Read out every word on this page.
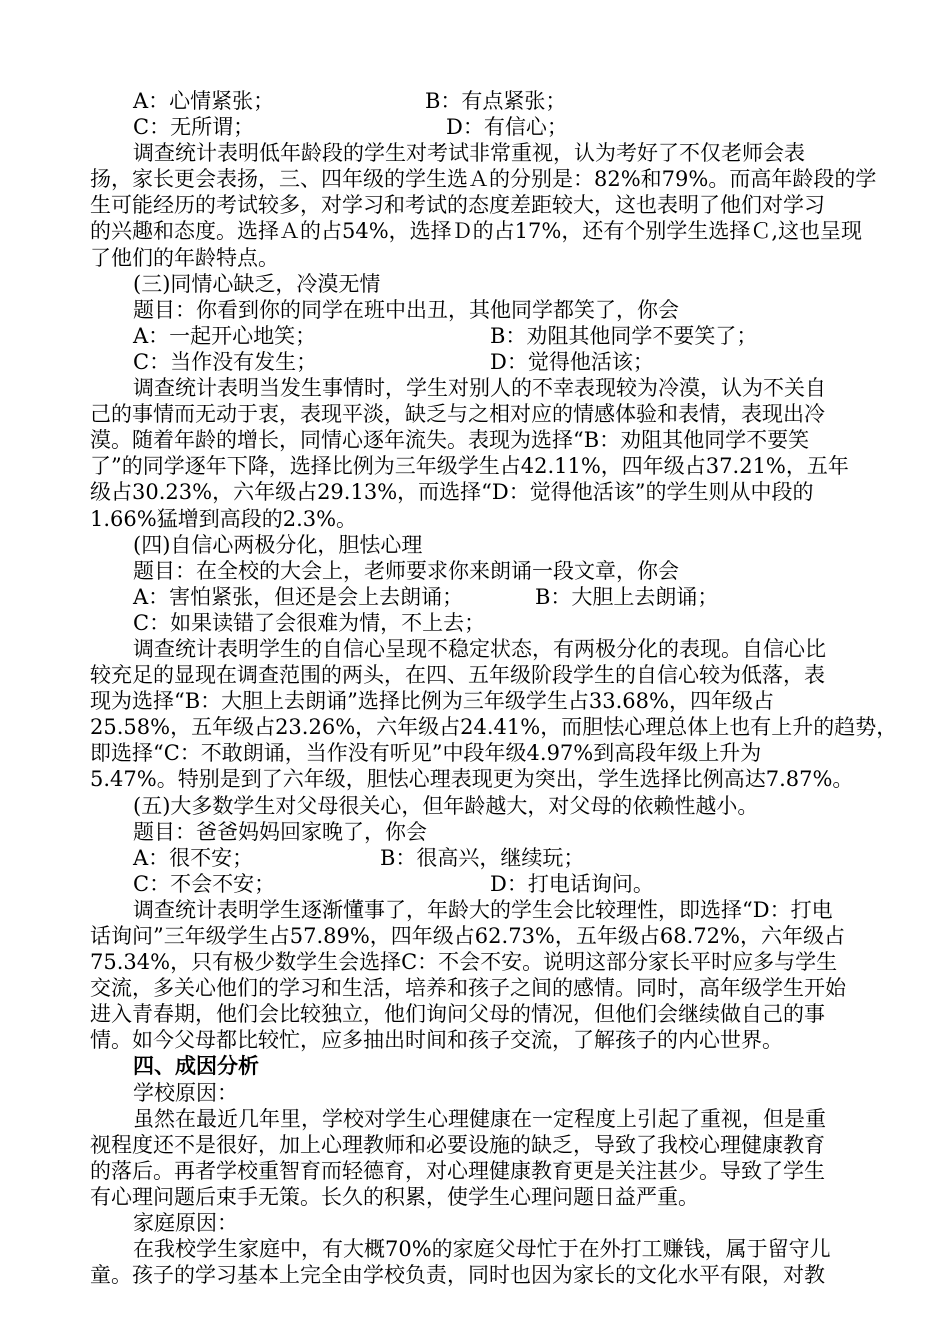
A：心情紧张；	B：有点紧张；
C：无所谓；	D：有信心；
调查统计表明低年龄段的学生对考试非常重视，认为考好了不仅老师会表
扬，家长更会表扬，三、四年级的学生选Ａ的分别是：82%和79%。而高年龄段的学
生可能经历的考试较多，对学习和考试的态度差距较大，这也表明了他们对学习
的兴趣和态度。选择Ａ的占54%，选择Ｄ的占17%，还有个别学生选择Ｃ,这也呈现
了他们的年龄特点。
(三)同情心缺乏，冷漠无情
题目：你看到你的同学在班中出丑，其他同学都笑了，你会
A：一起开心地笑；	B：劝阻其他同学不要笑了；
C：当作没有发生；	D：觉得他活该；
调查统计表明当发生事情时，学生对别人的不幸表现较为冷漠，认为不关自
己的事情而无动于衷，表现平淡，缺乏与之相对应的情感体验和表情，表现出冷
漠。随着年龄的增长，同情心逐年流失。表现为选择“B：劝阻其他同学不要笑
了”的同学逐年下降，选择比例为三年级学生占42.11%，四年级占37.21%，五年
级占30.23%，六年级占29.13%，而选择“D：觉得他活该”的学生则从中段的
1.66%猛增到高段的2.3%。
(四)自信心两极分化，胆怯心理
题目：在全校的大会上，老师要求你来朗诵一段文章，你会
A：害怕紧张，但还是会上去朗诵；	B：大胆上去朗诵；
C：如果读错了会很难为情，不上去；
调查统计表明学生的自信心呈现不稳定状态，有两极分化的表现。自信心比
较充足的显现在调查范围的两头，在四、五年级阶段学生的自信心较为低落，表
现为选择“B：大胆上去朗诵”选择比例为三年级学生占33.68%，四年级占
25.58%，五年级占23.26%，六年级占24.41%，而胆怯心理总体上也有上升的趋势，
即选择“C：不敢朗诵，当作没有听见”中段年级4.97%到高段年级上升为
5.47%。特别是到了六年级，胆怯心理表现更为突出，学生选择比例高达7.87%。
(五)大多数学生对父母很关心，但年龄越大，对父母的依赖性越小。
题目：爸爸妈妈回家晚了，你会
A：很不安；	B：很高兴，继续玩；
C：不会不安；	D：打电话询问。
调查统计表明学生逐渐懂事了，年龄大的学生会比较理性，即选择“D：打电
话询问”三年级学生占57.89%，四年级占62.73%，五年级占68.72%，六年级占
75.34%，只有极少数学生会选择C：不会不安。说明这部分家长平时应多与学生
交流，多关心他们的学习和生活，培养和孩子之间的感情。同时，高年级学生开始
进入青春期，他们会比较独立，他们询问父母的情况，但他们会继续做自己的事
情。如今父母都比较忙，应多抽出时间和孩子交流，了解孩子的内心世界。
四、成因分析
学校原因：
虽然在最近几年里，学校对学生心理健康在一定程度上引起了重视，但是重
视程度还不是很好，加上心理教师和必要设施的缺乏，导致了我校心理健康教育
的落后。再者学校重智育而轻德育，对心理健康教育更是关注甚少。导致了学生
有心理问题后束手无策。长久的积累，使学生心理问题日益严重。
家庭原因：
在我校学生家庭中，有大概70%的家庭父母忙于在外打工赚钱，属于留守儿
童。孩子的学习基本上完全由学校负责，同时也因为家长的文化水平有限，对教
